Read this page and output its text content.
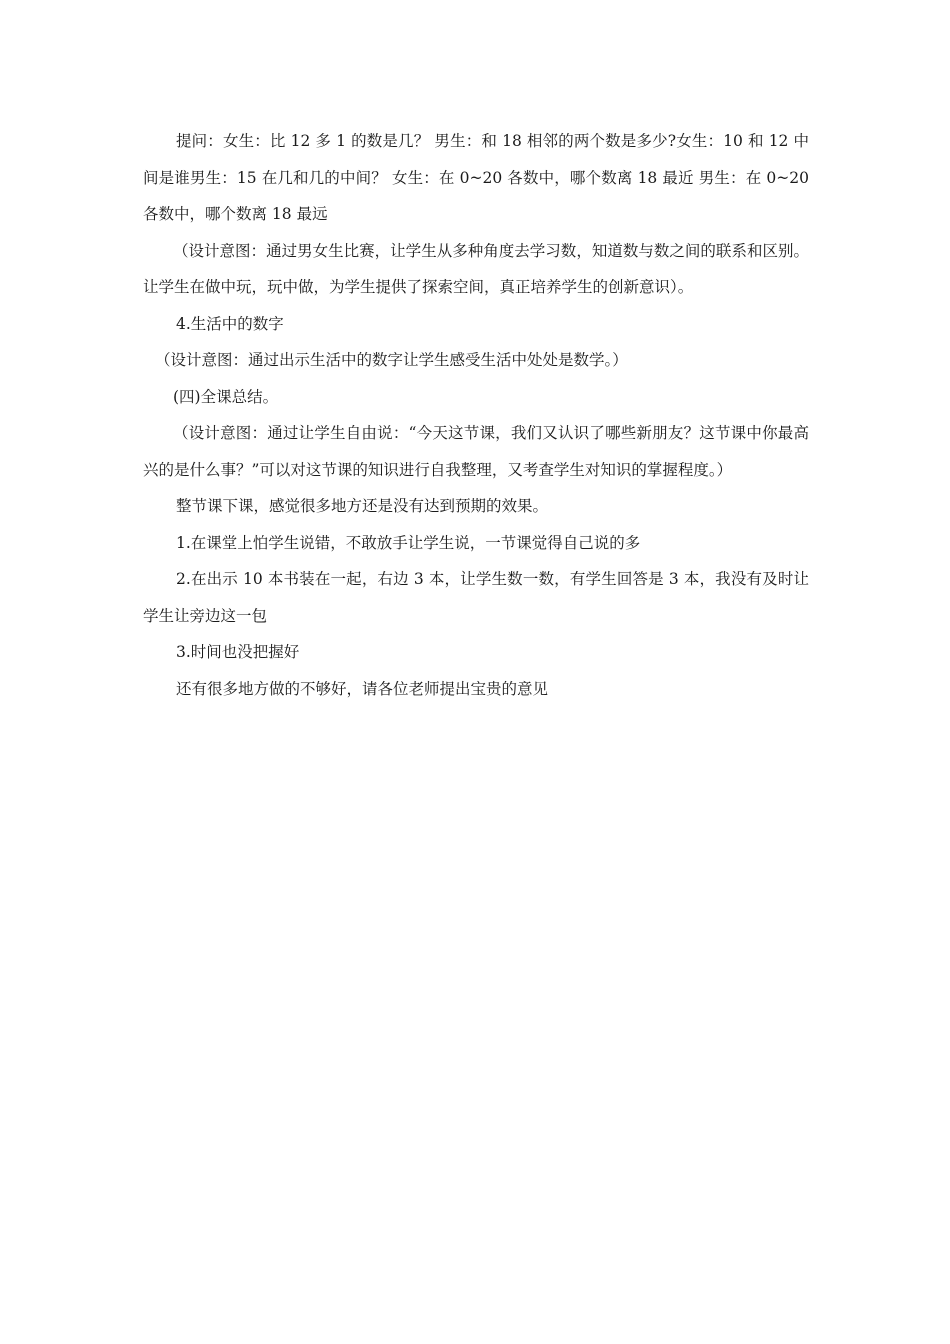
提问：女生：比 12 多 1 的数是几？ 男生：和 18 相邻的两个数是多少?女生：10 和 12 中间是谁男生：15 在几和几的中间？ 女生：在 0~20 各数中，哪个数离 18 最近 男生：在 0~20 各数中，哪个数离 18 最远

（设计意图：通过男女生比赛，让学生从多种角度去学习数，知道数与数之间的联系和区别。让学生在做中玩，玩中做，为学生提供了探索空间，真正培养学生的创新意识）。

4.生活中的数字

（设计意图：通过出示生活中的数字让学生感受生活中处处是数学。）

(四)全课总结。

（设计意图：通过让学生自由说：“今天这节课，我们又认识了哪些新朋友？这节课中你最高兴的是什么事？”可以对这节课的知识进行自我整理，又考查学生对知识的掌握程度。）

整节课下课，感觉很多地方还是没有达到预期的效果。

1.在课堂上怕学生说错，不敢放手让学生说，一节课觉得自己说的多

2.在出示 10 本书装在一起，右边 3 本，让学生数一数，有学生回答是 3 本，我没有及时让学生让旁边这一包

3.时间也没把握好

还有很多地方做的不够好，请各位老师提出宝贵的意见
